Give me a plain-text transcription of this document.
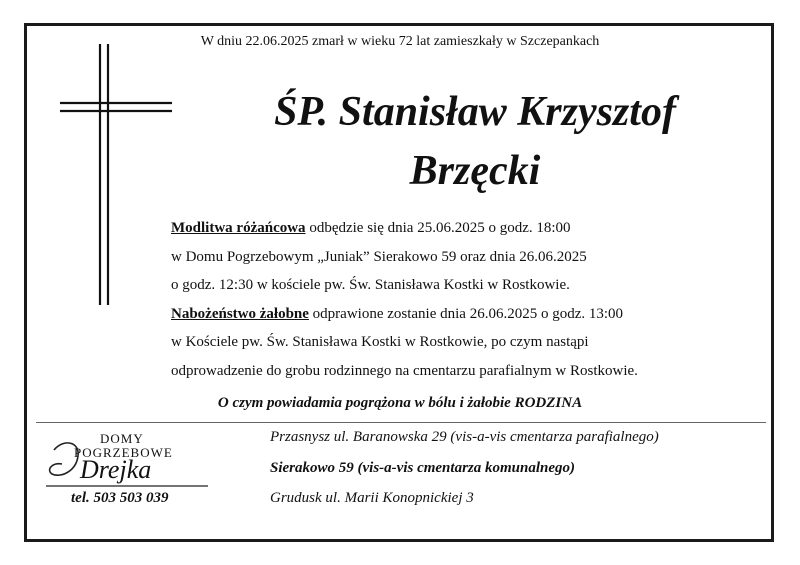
W dniu 22.06.2025 zmarł w wieku 72 lat zamieszkały w Szczepankach
ŚP. Stanisław Krzysztof
Brzęcki
Modlitwa różańcowa odbędzie się dnia 25.06.2025 o godz. 18:00
w Domu Pogrzebowym „Juniak” Sierakowo 59 oraz dnia 26.06.2025
o godz. 12:30 w kościele pw. Św. Stanisława Kostki w Rostkowie.
Nabożeństwo żałobne odprawione zostanie dnia 26.06.2025 o godz. 13:00
w Kościele pw. Św. Stanisława Kostki w Rostkowie, po czym nastąpi
odprowadzenie do grobu rodzinnego na cmentarzu parafialnym w Rostkowie.
O czym powiadamia pogrążona w bólu i żałobie RODZINA
DOMY
POGRZEBOWE
Drejka
tel. 503 503 039
Przasnysz ul. Baranowska 29 (vis-a-vis cmentarza parafialnego)
Sierakowo 59 (vis-a-vis cmentarza komunalnego)
Grudusk ul. Marii Konopnickiej 3
